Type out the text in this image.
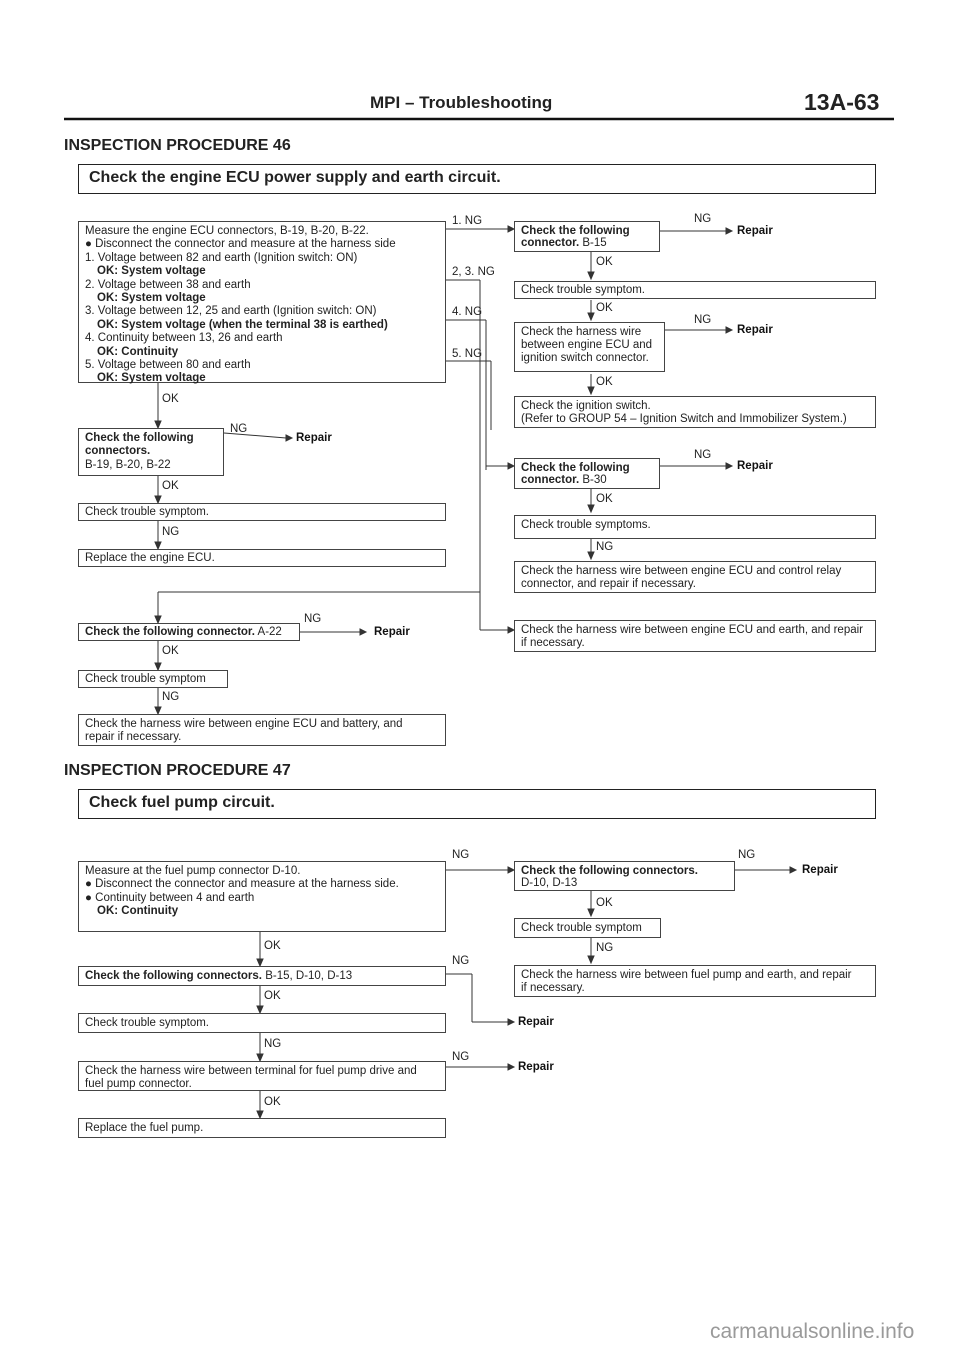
MPI – Troubleshooting	13A-63
INSPECTION PROCEDURE 46
Check the engine ECU power supply and earth circuit.
Measure the engine ECU connectors, B-19, B-20, B-22.
● Disconnect the connector and measure at the harness side
1. Voltage between 82 and earth (Ignition switch: ON)
OK: System voltage
2. Voltage between 38 and earth
OK: System voltage
3. Voltage between 12, 25 and earth (Ignition switch: ON)
OK: System voltage (when the terminal 38 is earthed)
4. Continuity between 13, 26 and earth
OK: Continuity
5. Voltage between 80 and earth
OK: System voltage
1. NG
2, 3. NG
4. NG
5. NG
OK
Check the following
connectors.
B-19, B-20, B-22
NG
Repair
OK
Check trouble symptom.
NG
Replace the engine ECU.
Check the following connector. A-22
NG
Repair
OK
Check trouble symptom
NG
Check the harness wire between engine ECU and battery, and
repair if necessary.
Check the following
connector. B-15
NG
Repair
OK
Check trouble symptom.
OK
Check the harness wire
between engine ECU and
ignition switch connector.
NG
Repair
OK
Check the ignition switch.
(Refer to GROUP 54 – Ignition Switch and Immobilizer System.)
Check the following
connector. B-30
NG
Repair
OK
Check trouble symptoms.
NG
Check the harness wire between engine ECU and control relay
connector, and repair if necessary.
Check the harness wire between engine ECU and earth, and repair
if necessary.
INSPECTION PROCEDURE 47
Check fuel pump circuit.
Measure at the fuel pump connector D-10.
● Disconnect the connector and measure at the harness side.
● Continuity between 4 and earth
OK: Continuity
NG
OK
Check the following connectors. B-15, D-10, D-13
NG
OK
Repair
Check trouble symptom.
NG
Check the harness wire between terminal for fuel pump drive and
fuel pump connector.
NG
Repair
OK
Replace the fuel pump.
Check the following connectors.
D-10, D-13
NG
Repair
OK
Check trouble symptom
NG
Check the harness wire between fuel pump and earth, and repair
if necessary.
carmanualsonline.info
